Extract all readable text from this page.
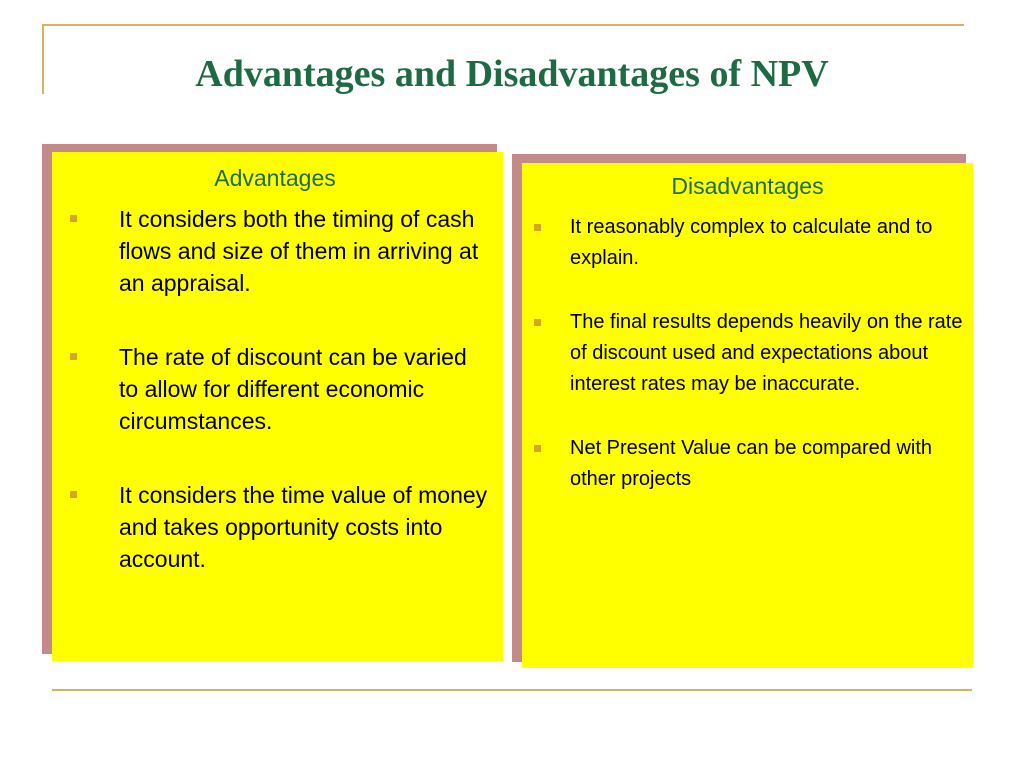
Advantages and Disadvantages of NPV
Advantages
It considers both the timing of cash flows and size of them in arriving at an appraisal.
The rate of discount can be varied to allow for different economic circumstances.
It considers the time value of money and takes opportunity costs into account.
Disadvantages
It reasonably complex to calculate and to explain.
The final results depends heavily on the rate of discount used and expectations about interest rates may be inaccurate.
Net Present Value can be compared with other projects
